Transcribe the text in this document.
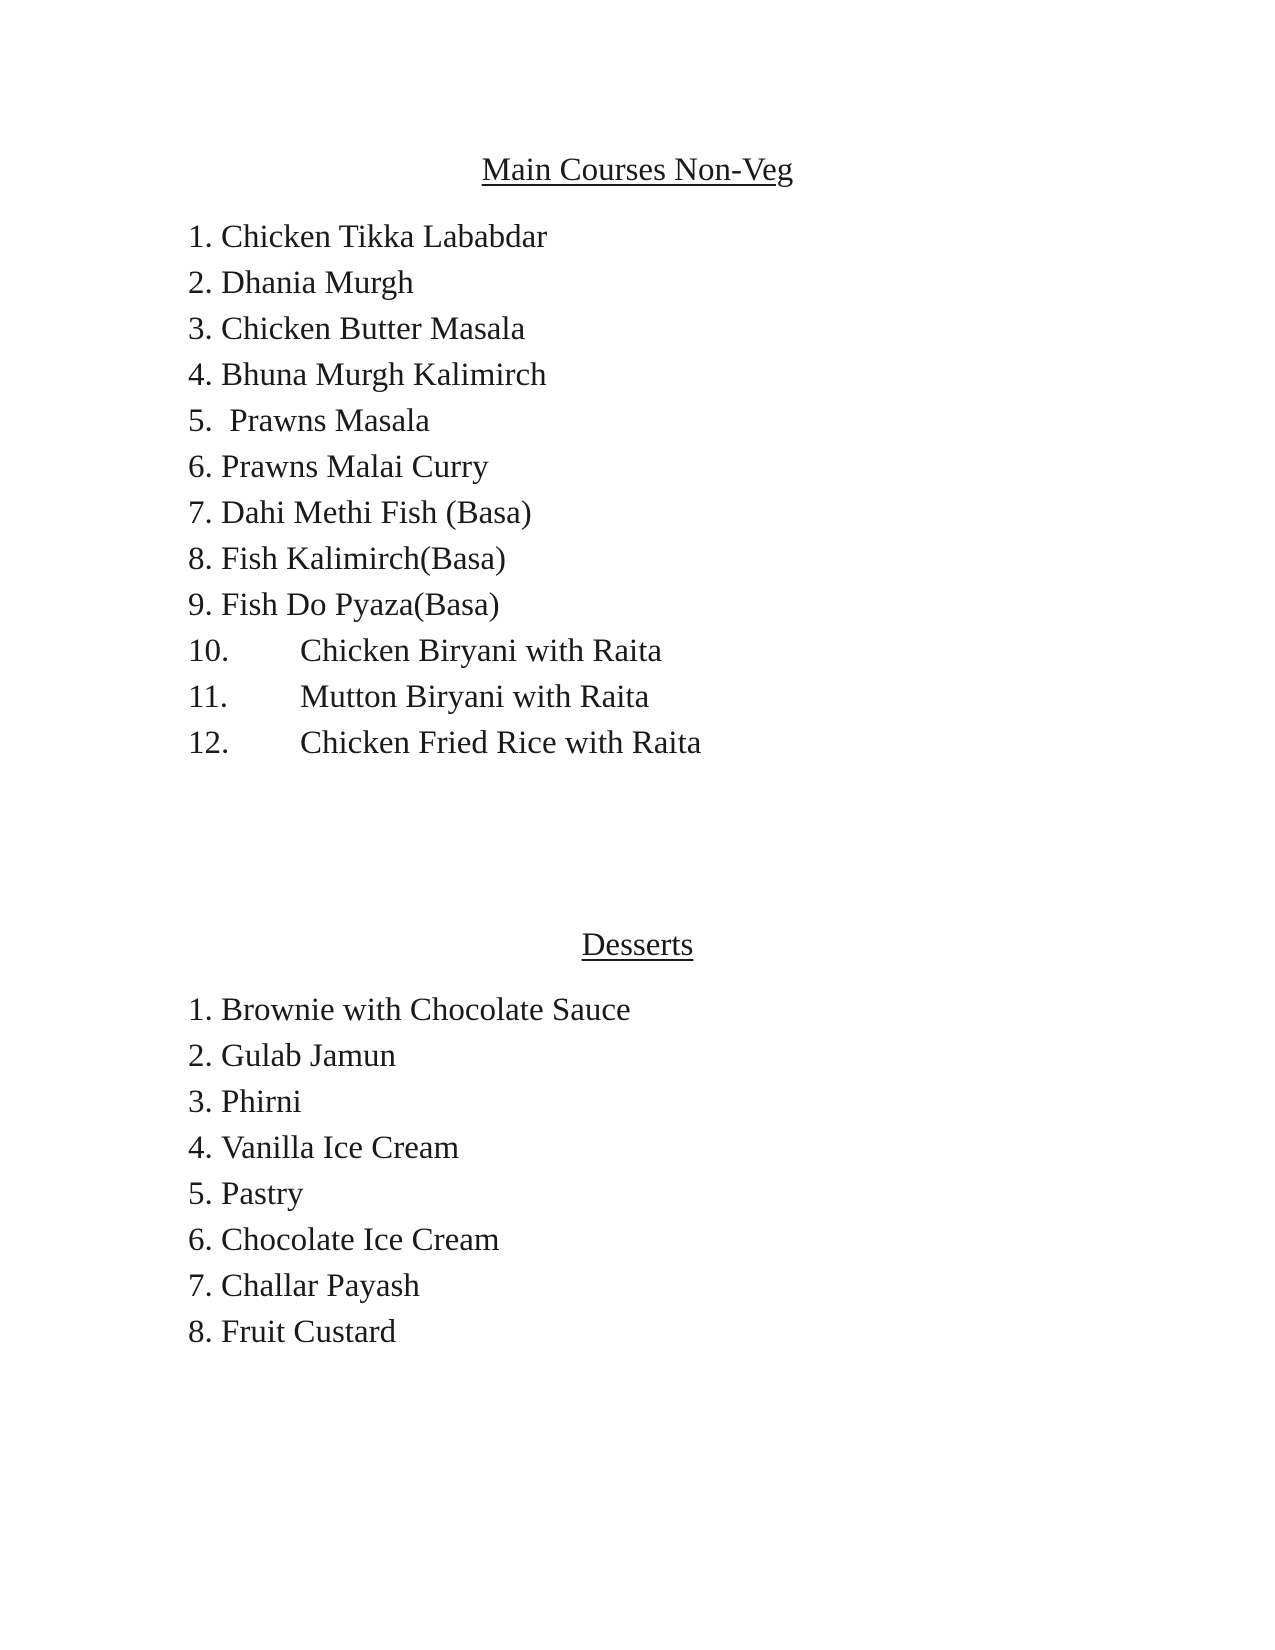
Main Courses Non-Veg
1. Chicken Tikka Lababdar
2. Dhania Murgh
3. Chicken Butter Masala
4. Bhuna Murgh Kalimirch
5.  Prawns Masala
6. Prawns Malai Curry
7. Dahi Methi Fish (Basa)
8. Fish Kalimirch(Basa)
9. Fish Do Pyaza(Basa)
10. Chicken Biryani with Raita
11. Mutton Biryani with Raita
12. Chicken Fried Rice with Raita
Desserts
1. Brownie with Chocolate Sauce
2. Gulab Jamun
3. Phirni
4. Vanilla Ice Cream
5. Pastry
6. Chocolate Ice Cream
7. Challar Payash
8. Fruit Custard
